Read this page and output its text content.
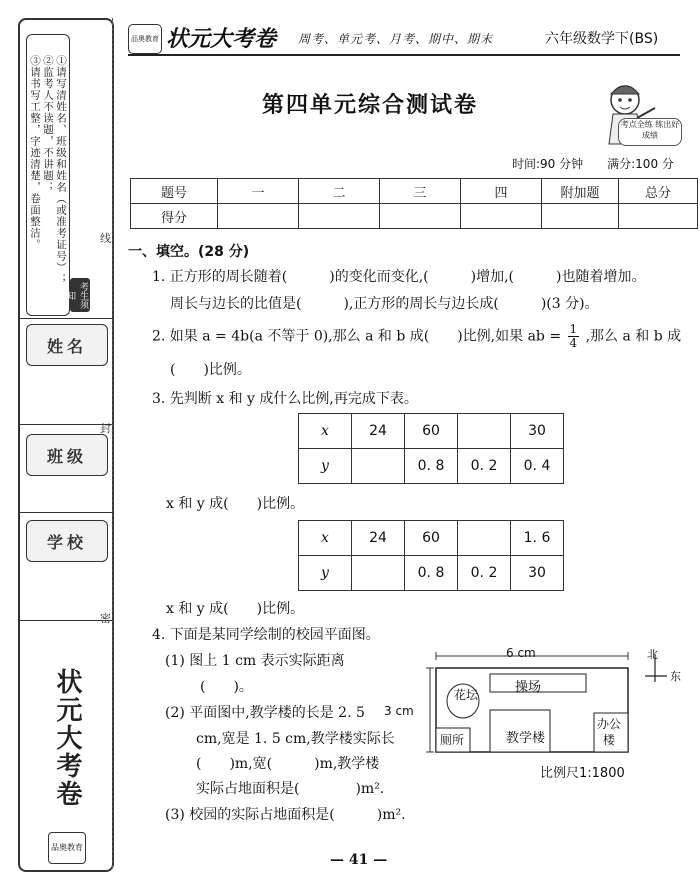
①请写清姓名、班级和姓名（或准考证号）；
②监考人不读题，不讲题；
③请书写工整，字迹清楚，卷面整洁。
考生须知
姓名
班级
学校
状元大考卷
品奥教育
线
封
密
品奥教育 状元大考卷 周考、单元考、月考、期中、期末	六年级数学下(BS)
第四单元综合测试卷
考点全练 练出好成绩
时间:90 分钟　　满分:100 分
题号	一	二	三	四	附加题	总分
得分						
一、填空。(28 分)
1. 正方形的周长随着(　　　)的变化而变化,(　　　)增加,(　　　)也随着增加。
周长与边长的比值是(　　　),正方形的周长与边长成(　　　)(3 分)。
2. 如果 a = 4b(a 不等于 0),那么 a 和 b 成(　　)比例,如果 ab = $\frac{1}{4}$ ,那么 a 和 b 成
(　　)比例。
3. 先判断 x 和 y 成什么比例,再完成下表。
x	24	60		30
y		0. 8	0. 2	0. 4
x 和 y 成(　　)比例。
x	24	60		1. 6
y		0. 8	0. 2	30
x 和 y 成(　　)比例。
4. 下面是某同学绘制的校园平面图。
(1) 图上 1 cm 表示实际距离
(　　)。
(2) 平面图中,教学楼的长是 2. 5
cm,宽是 1. 5 cm,教学楼实际长
(　　)m,宽(　　　)m,教学楼
实际占地面积是(　　　　)m².
(3) 校园的实际占地面积是(　　　)m².
6 cm
3 cm
操场
花坛
厕所	教学楼
办公楼
比例尺1:1800
北
东
— 41 —
